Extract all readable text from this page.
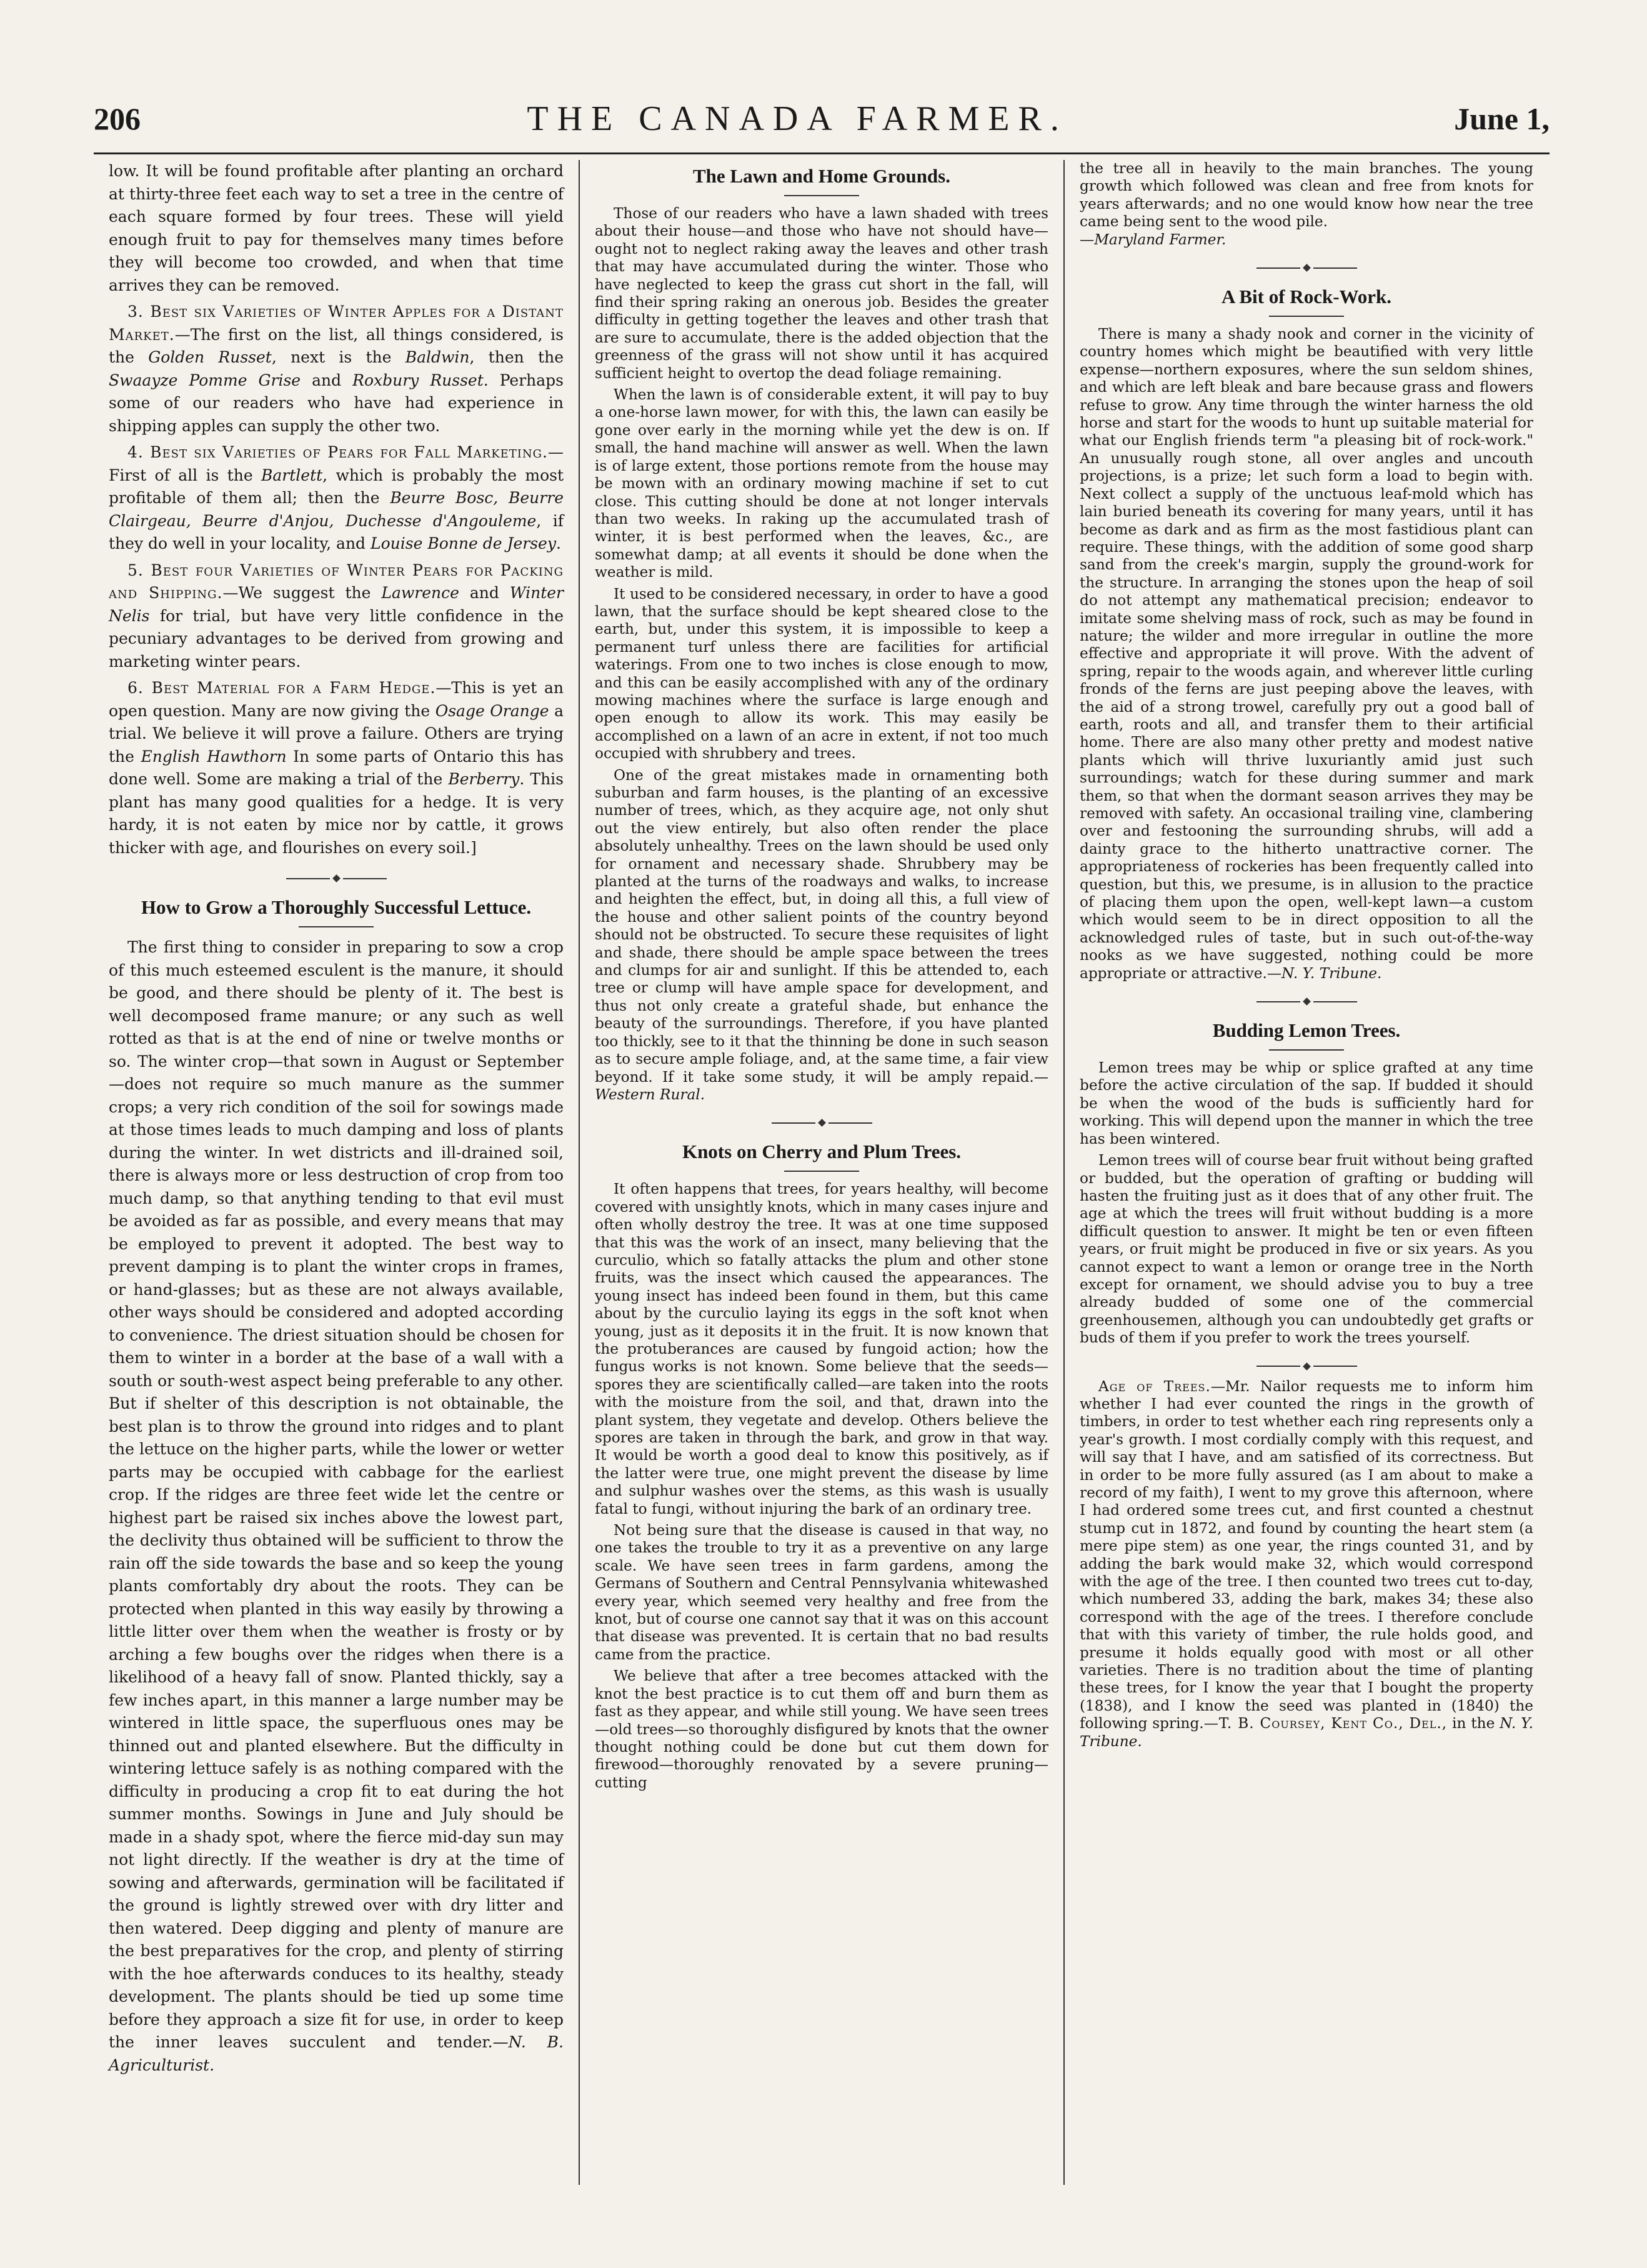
206	THE CANADA FARMER.	June 1,

low. It will be found profitable after planting an orchard at thirty-three feet each way to set a tree in the centre of each square formed by four trees. These will yield enough fruit to pay for themselves many times before they will become too crowded, and when that time arrives they can be removed.

3. Best six Varieties of Winter Apples for a Distant Market.—The first on the list, all things considered, is the Golden Russet, next is the Baldwin, then the Swaayze Pomme Grise and Roxbury Russet. Perhaps some of our readers who have had experience in shipping apples can supply the other two.

4. Best six Varieties of Pears for Fall Marketing.—First of all is the Bartlett, which is probably the most profitable of them all; then the Beurre Bosc, Beurre Clairgeau, Beurre d'Anjou, Duchesse d'Angouleme, if they do well in your locality, and Louise Bonne de Jersey.

5. Best four Varieties of Winter Pears for Packing and Shipping.—We suggest the Lawrence and Winter Nelis for trial, but have very little confidence in the pecuniary advantages to be derived from growing and marketing winter pears.

6. Best Material for a Farm Hedge.—This is yet an open question. Many are now giving the Osage Orange a trial. We believe it will prove a failure. Others are trying the English Hawthorn In some parts of Ontario this has done well. Some are making a trial of the Berberry. This plant has many good qualities for a hedge. It is very hardy, it is not eaten by mice nor by cattle, it grows thicker with age, and flourishes on every soil.]

How to Grow a Thoroughly Successful Lettuce.

The first thing to consider in preparing to sow a crop of this much esteemed esculent is the manure, it should be good, and there should be plenty of it. The best is well decomposed frame manure; or any such as well rotted as that is at the end of nine or twelve months or so. The winter crop—that sown in August or September—does not require so much manure as the summer crops; a very rich condition of the soil for sowings made at those times leads to much damping and loss of plants during the winter. In wet districts and ill-drained soil, there is always more or less destruction of crop from too much damp, so that anything tending to that evil must be avoided as far as possible, and every means that may be employed to prevent it adopted. The best way to prevent damping is to plant the winter crops in frames, or hand-glasses; but as these are not always available, other ways should be considered and adopted according to convenience. The driest situation should be chosen for them to winter in a border at the base of a wall with a south or south-west aspect being preferable to any other. But if shelter of this description is not obtainable, the best plan is to throw the ground into ridges and to plant the lettuce on the higher parts, while the lower or wetter parts may be occupied with cabbage for the earliest crop. If the ridges are three feet wide let the centre or highest part be raised six inches above the lowest part, the declivity thus obtained will be sufficient to throw the rain off the side towards the base and so keep the young plants comfortably dry about the roots. They can be protected when planted in this way easily by throwing a little litter over them when the weather is frosty or by arching a few boughs over the ridges when there is a likelihood of a heavy fall of snow. Planted thickly, say a few inches apart, in this manner a large number may be wintered in little space, the superfluous ones may be thinned out and planted elsewhere. But the difficulty in wintering lettuce safely is as nothing compared with the difficulty in producing a crop fit to eat during the hot summer months. Sowings in June and July should be made in a shady spot, where the fierce mid-day sun may not light directly. If the weather is dry at the time of sowing and afterwards, germination will be facilitated if the ground is lightly strewed over with dry litter and then watered. Deep digging and plenty of manure are the best preparatives for the crop, and plenty of stirring with the hoe afterwards conduces to its healthy, steady development. The plants should be tied up some time before they approach a size fit for use, in order to keep the inner leaves succulent and tender.—N. B. Agriculturist.

The Lawn and Home Grounds.

Those of our readers who have a lawn shaded with trees about their house—and those who have not should have—ought not to neglect raking away the leaves and other trash that may have accumulated during the winter. Those who have neglected to keep the grass cut short in the fall, will find their spring raking an onerous job. Besides the greater difficulty in getting together the leaves and other trash that are sure to accumulate, there is the added objection that the greenness of the grass will not show until it has acquired sufficient height to overtop the dead foliage remaining.

When the lawn is of considerable extent, it will pay to buy a one-horse lawn mower, for with this, the lawn can easily be gone over early in the morning while yet the dew is on. If small, the hand machine will answer as well. When the lawn is of large extent, those portions remote from the house may be mown with an ordinary mowing machine if set to cut close. This cutting should be done at not longer intervals than two weeks. In raking up the accumulated trash of winter, it is best performed when the leaves, &c., are somewhat damp; at all events it should be done when the weather is mild.

It used to be considered necessary, in order to have a good lawn, that the surface should be kept sheared close to the earth, but, under this system, it is impossible to keep a permanent turf unless there are facilities for artificial waterings. From one to two inches is close enough to mow, and this can be easily accomplished with any of the ordinary mowing machines where the surface is large enough and open enough to allow its work. This may easily be accomplished on a lawn of an acre in extent, if not too much occupied with shrubbery and trees.

One of the great mistakes made in ornamenting both suburban and farm houses, is the planting of an excessive number of trees, which, as they acquire age, not only shut out the view entirely, but also often render the place absolutely unhealthy. Trees on the lawn should be used only for ornament and necessary shade. Shrubbery may be planted at the turns of the roadways and walks, to increase and heighten the effect, but, in doing all this, a full view of the house and other salient points of the country beyond should not be obstructed. To secure these requisites of light and shade, there should be ample space between the trees and clumps for air and sunlight. If this be attended to, each tree or clump will have ample space for development, and thus not only create a grateful shade, but enhance the beauty of the surroundings. Therefore, if you have planted too thickly, see to it that the thinning be done in such season as to secure ample foliage, and, at the same time, a fair view beyond. If it take some study, it will be amply repaid.—Western Rural.

Knots on Cherry and Plum Trees.

It often happens that trees, for years healthy, will become covered with unsightly knots, which in many cases injure and often wholly destroy the tree. It was at one time supposed that this was the work of an insect, many believing that the curculio, which so fatally attacks the plum and other stone fruits, was the insect which caused the appearances. The young insect has indeed been found in them, but this came about by the curculio laying its eggs in the soft knot when young, just as it deposits it in the fruit. It is now known that the protuberances are caused by fungoid action; how the fungus works is not known. Some believe that the seeds—spores they are scientifically called—are taken into the roots with the moisture from the soil, and that, drawn into the plant system, they vegetate and develop. Others believe the spores are taken in through the bark, and grow in that way. It would be worth a good deal to know this positively, as if the latter were true, one might prevent the disease by lime and sulphur washes over the stems, as this wash is usually fatal to fungi, without injuring the bark of an ordinary tree.

Not being sure that the disease is caused in that way, no one takes the trouble to try it as a preventive on any large scale. We have seen trees in farm gardens, among the Germans of Southern and Central Pennsylvania whitewashed every year, which seemed very healthy and free from the knot, but of course one cannot say that it was on this account that disease was prevented. It is certain that no bad results came from the practice.

We believe that after a tree becomes attacked with the knot the best practice is to cut them off and burn them as fast as they appear, and while still young. We have seen trees—old trees—so thoroughly disfigured by knots that the owner thought nothing could be done but cut them down for firewood—thoroughly renovated by a severe pruning—cutting

the tree all in heavily to the main branches. The young growth which followed was clean and free from knots for years afterwards; and no one would know how near the tree came being sent to the wood pile.
—Maryland Farmer.

A Bit of Rock-Work.

There is many a shady nook and corner in the vicinity of country homes which might be beautified with very little expense—northern exposures, where the sun seldom shines, and which are left bleak and bare because grass and flowers refuse to grow. Any time through the winter harness the old horse and start for the woods to hunt up suitable material for what our English friends term "a pleasing bit of rock-work." An unusually rough stone, all over angles and uncouth projections, is a prize; let such form a load to begin with. Next collect a supply of the unctuous leaf-mold which has lain buried beneath its covering for many years, until it has become as dark and as firm as the most fastidious plant can require. These things, with the addition of some good sharp sand from the creek's margin, supply the ground-work for the structure. In arranging the stones upon the heap of soil do not attempt any mathematical precision; endeavor to imitate some shelving mass of rock, such as may be found in nature; the wilder and more irregular in outline the more effective and appropriate it will prove. With the advent of spring, repair to the woods again, and wherever little curling fronds of the ferns are just peeping above the leaves, with the aid of a strong trowel, carefully pry out a good ball of earth, roots and all, and transfer them to their artificial home. There are also many other pretty and modest native plants which will thrive luxuriantly amid just such surroundings; watch for these during summer and mark them, so that when the dormant season arrives they may be removed with safety. An occasional trailing vine, clambering over and festooning the surrounding shrubs, will add a dainty grace to the hitherto unattractive corner. The appropriateness of rockeries has been frequently called into question, but this, we presume, is in allusion to the practice of placing them upon the open, well-kept lawn—a custom which would seem to be in direct opposition to all the acknowledged rules of taste, but in such out-of-the-way nooks as we have suggested, nothing could be more appropriate or attractive.—N. Y. Tribune.

Budding Lemon Trees.

Lemon trees may be whip or splice grafted at any time before the active circulation of the sap. If budded it should be when the wood of the buds is sufficiently hard for working. This will depend upon the manner in which the tree has been wintered.

Lemon trees will of course bear fruit without being grafted or budded, but the operation of grafting or budding will hasten the fruiting just as it does that of any other fruit. The age at which the trees will fruit without budding is a more difficult question to answer. It might be ten or even fifteen years, or fruit might be produced in five or six years. As you cannot expect to want a lemon or orange tree in the North except for ornament, we should advise you to buy a tree already budded of some one of the commercial greenhousemen, although you can undoubtedly get grafts or buds of them if you prefer to work the trees yourself.

Age of Trees.—Mr. Nailor requests me to inform him whether I had ever counted the rings in the growth of timbers, in order to test whether each ring represents only a year's growth. I most cordially comply with this request, and will say that I have, and am satisfied of its correctness. But in order to be more fully assured (as I am about to make a record of my faith), I went to my grove this afternoon, where I had ordered some trees cut, and first counted a chestnut stump cut in 1872, and found by counting the heart stem (a mere pipe stem) as one year, the rings counted 31, and by adding the bark would make 32, which would correspond with the age of the tree. I then counted two trees cut to-day, which numbered 33, adding the bark, makes 34; these also correspond with the age of the trees. I therefore conclude that with this variety of timber, the rule holds good, and presume it holds equally good with most or all other varieties. There is no tradition about the time of planting these trees, for I know the year that I bought the property (1838), and I know the seed was planted in (1840) the following spring.—T. B. Coursey, Kent Co., Del., in the N. Y. Tribune.
